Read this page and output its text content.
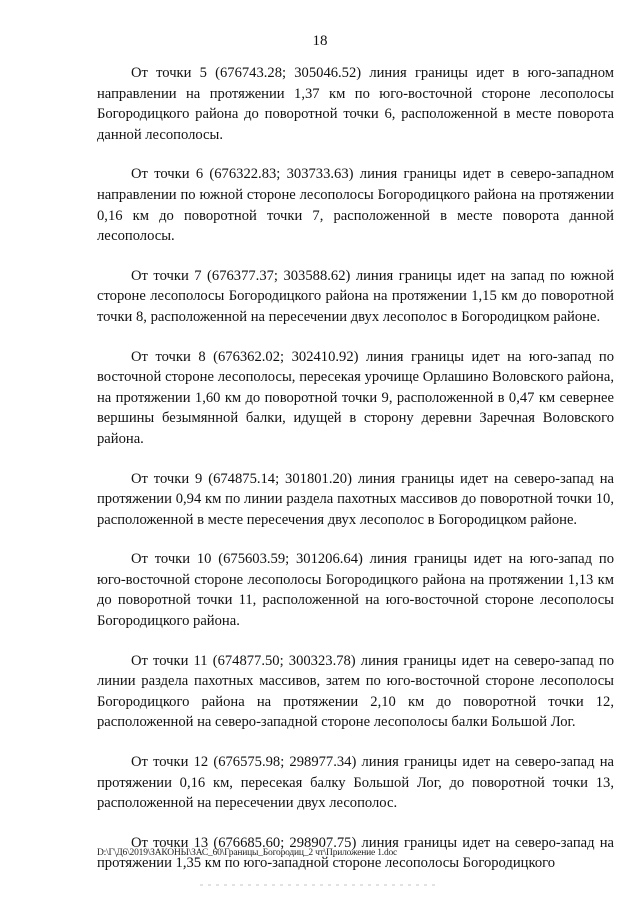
18

От точки 5 (676743.28; 305046.52) линия границы идет в юго-западном направлении на протяжении 1,37 км по юго-восточной стороне лесополосы Богородицкого района до поворотной точки 6, расположенной в месте поворота данной лесополосы.

От точки 6 (676322.83; 303733.63) линия границы идет в северо-западном направлении по южной стороне лесополосы Богородицкого района на протяжении 0,16 км до поворотной точки 7, расположенной в месте поворота данной лесополосы.

От точки 7 (676377.37; 303588.62) линия границы идет на запад по южной стороне лесополосы Богородицкого района на протяжении 1,15 км до поворотной точки 8, расположенной на пересечении двух лесополос в Богородицком районе.

От точки 8 (676362.02; 302410.92) линия границы идет на юго-запад по восточной стороне лесополосы, пересекая урочище Орлашино Воловского района, на протяжении 1,60 км до поворотной точки 9, расположенной в 0,47 км севернее вершины безымянной балки, идущей в сторону деревни Заречная Воловского района.

От точки 9 (674875.14; 301801.20) линия границы идет на северо-запад на протяжении 0,94 км по линии раздела пахотных массивов до поворотной точки 10, расположенной в месте пересечения двух лесополос в Богородицком районе.

От точки 10 (675603.59; 301206.64) линия границы идет на юго-запад по юго-восточной стороне лесополосы Богородицкого района на протяжении 1,13 км до поворотной точки 11, расположенной на юго-восточной стороне лесополосы Богородицкого района.

От точки 11 (674877.50; 300323.78) линия границы идет на северо-запад по линии раздела пахотных массивов, затем по юго-восточной стороне лесополосы Богородицкого района на протяжении 2,10 км до поворотной точки 12, расположенной на северо-западной стороне лесополосы балки Большой Лог.

От точки 12 (676575.98; 298977.34) линия границы идет на северо-запад на протяжении 0,16 км, пересекая балку Большой Лог, до поворотной точки 13, расположенной на пересечении двух лесополос.

От точки 13 (676685.60; 298907.75) линия границы идет на северо-запад на протяжении 1,35 км по юго-западной стороне лесополосы Богородицкого

D:\Г\Д6\2019\ЗАКОНЫ\ЗАС_60\Границы_Богородиц_2 чт\Приложение 1.doc
